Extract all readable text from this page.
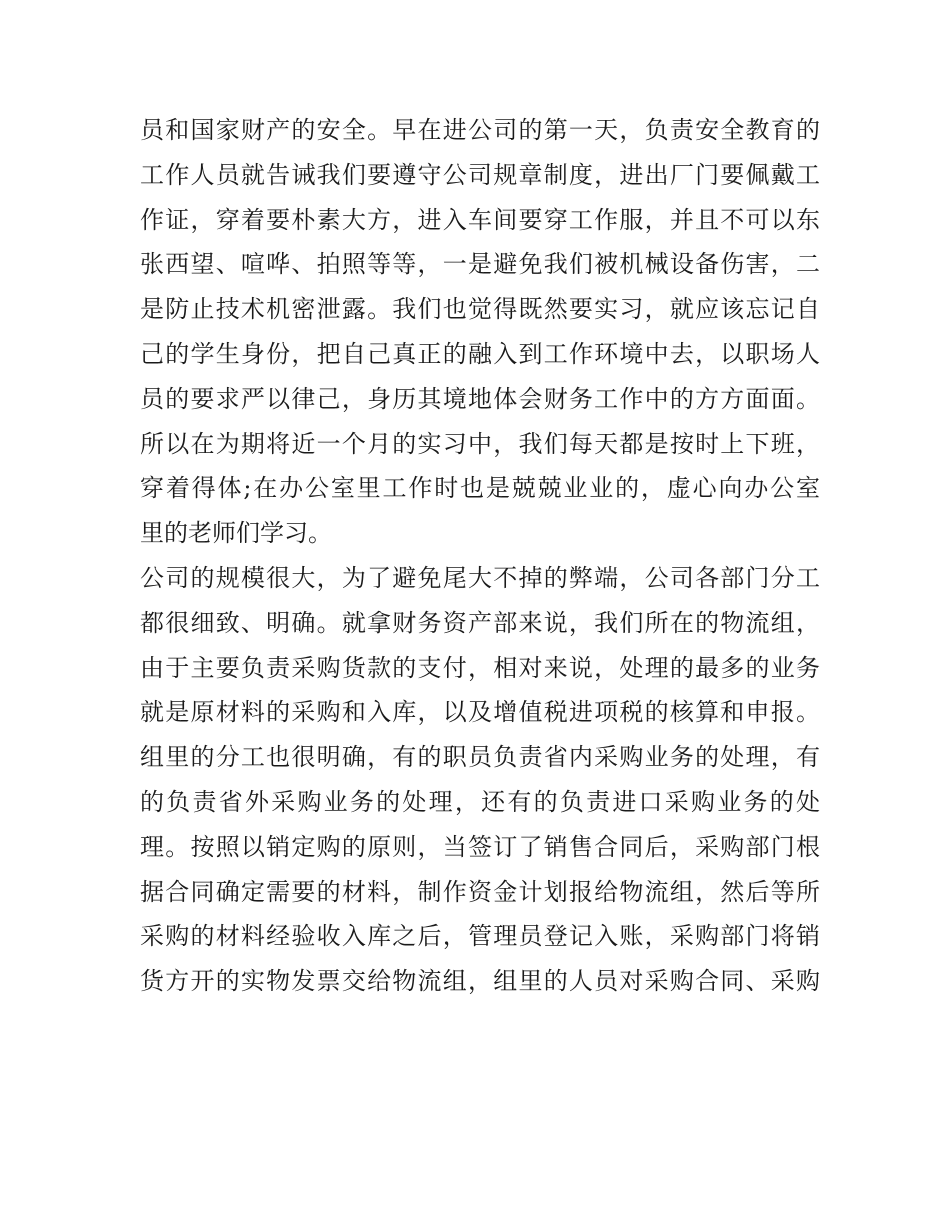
员和国家财产的安全。早在进公司的第一天，负责安全教育的
工作人员就告诫我们要遵守公司规章制度，进出厂门要佩戴工
作证，穿着要朴素大方，进入车间要穿工作服，并且不可以东
张西望、喧哗、拍照等等，一是避免我们被机械设备伤害，二
是防止技术机密泄露。我们也觉得既然要实习，就应该忘记自
己的学生身份，把自己真正的融入到工作环境中去，以职场人
员的要求严以律己，身历其境地体会财务工作中的方方面面。
所以在为期将近一个月的实习中，我们每天都是按时上下班，
穿着得体;在办公室里工作时也是兢兢业业的，虚心向办公室
里的老师们学习。
公司的规模很大，为了避免尾大不掉的弊端，公司各部门分工
都很细致、明确。就拿财务资产部来说，我们所在的物流组，
由于主要负责采购货款的支付，相对来说，处理的最多的业务
就是原材料的采购和入库，以及增值税进项税的核算和申报。
组里的分工也很明确，有的职员负责省内采购业务的处理，有
的负责省外采购业务的处理，还有的负责进口采购业务的处
理。按照以销定购的原则，当签订了销售合同后，采购部门根
据合同确定需要的材料，制作资金计划报给物流组，然后等所
采购的材料经验收入库之后，管理员登记入账，采购部门将销
货方开的实物发票交给物流组，组里的人员对采购合同、采购
